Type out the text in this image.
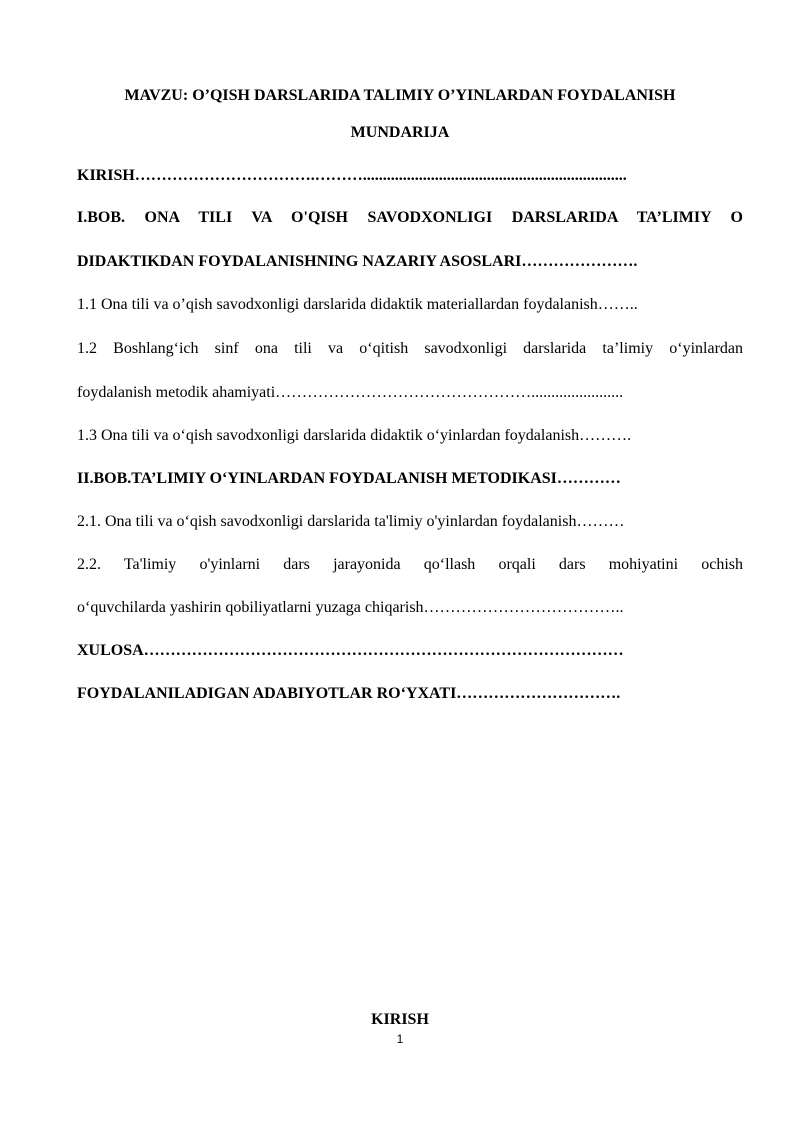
MAVZU: O’QISH DARSLARIDA TALIMIY O’YINLARDAN FOYDALANISH
MUNDARIJA
KIRISH…………………………….………..................................................................
I.BOB. ONA TILI VA O'QISH SAVODXONLIGI DARSLARIDA TA’LIMIY O
DIDAKTIKDAN FOYDALANISHNING NAZARIY ASOSLARI………………….
1.1 Ona tili va o’qish savodxonligi darslarida didaktik materiallardan foydalanish……..
1.2 Boshlang‘ich sinf ona tili va o‘qitish savodxonligi darslarida ta’limiy o‘yinlardan
foydalanish metodik ahamiyati………………………………………….......................
1.3 Ona tili va o‘qish savodxonligi darslarida didaktik o‘yinlardan foydalanish……….
II.BOB.TA’LIMIY O‘YINLARDAN FOYDALANISH METODIKASI…………
2.1. Ona tili va o‘qish savodxonligi darslarida ta'limiy o'yinlardan foydalanish………
2.2. Ta'limiy o'yinlarni dars jarayonida qo‘llash orqali dars mohiyatini ochish
o‘quvchilarda yashirin qobiliyatlarni yuzaga chiqarish………………………………..
XULOSA………………………………………………………………………………
FOYDALANILADIGAN ADABIYOTLAR RO‘YXATI………………………….
KIRISH
1
